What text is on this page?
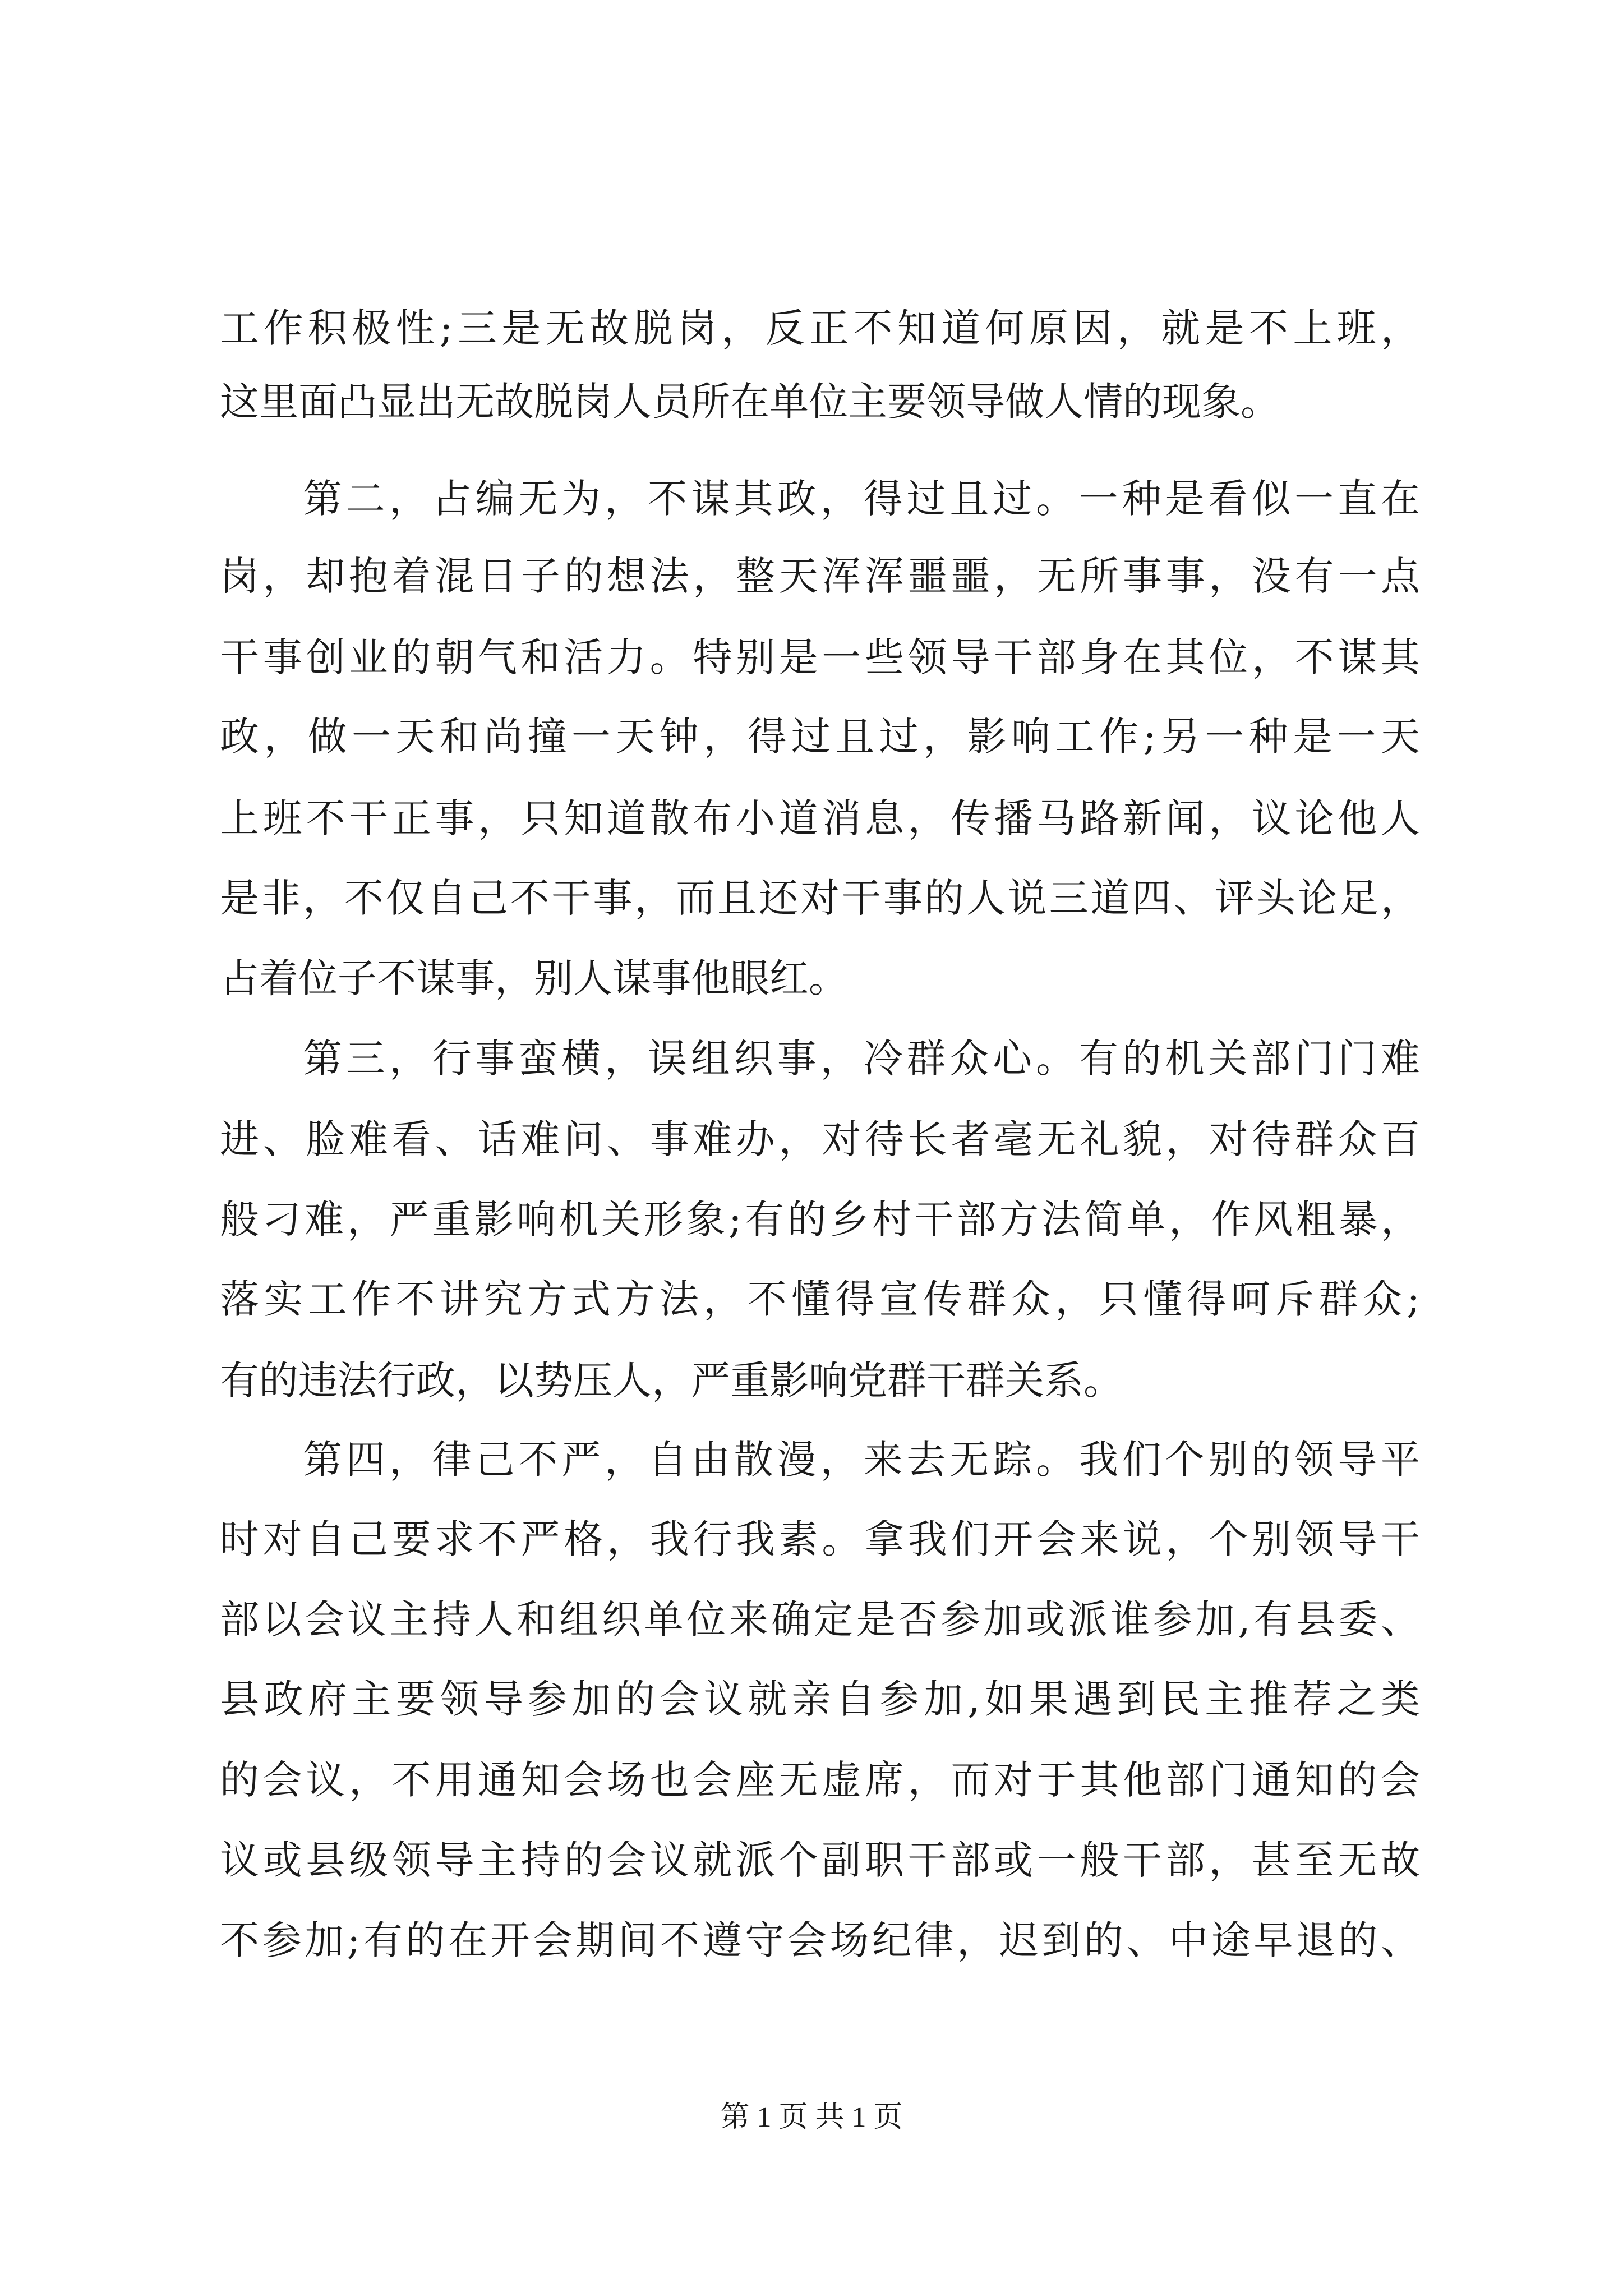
工作积极性;三是无故脱岗，反正不知道何原因，就是不上班，
这里面凸显出无故脱岗人员所在单位主要领导做人情的现象。
第二，占编无为，不谋其政，得过且过。一种是看似一直在
岗，却抱着混日子的想法，整天浑浑噩噩，无所事事，没有一点
干事创业的朝气和活力。特别是一些领导干部身在其位，不谋其
政，做一天和尚撞一天钟，得过且过，影响工作;另一种是一天
上班不干正事，只知道散布小道消息，传播马路新闻，议论他人
是非，不仅自己不干事，而且还对干事的人说三道四、评头论足，
占着位子不谋事，别人谋事他眼红。
第三，行事蛮横，误组织事，冷群众心。有的机关部门门难
进、脸难看、话难问、事难办，对待长者毫无礼貌，对待群众百
般刁难，严重影响机关形象;有的乡村干部方法简单，作风粗暴，
落实工作不讲究方式方法，不懂得宣传群众，只懂得呵斥群众;
有的违法行政，以势压人，严重影响党群干群关系。
第四，律己不严，自由散漫，来去无踪。我们个别的领导平
时对自己要求不严格，我行我素。拿我们开会来说，个别领导干
部以会议主持人和组织单位来确定是否参加或派谁参加,有县委、
县政府主要领导参加的会议就亲自参加,如果遇到民主推荐之类
的会议，不用通知会场也会座无虚席，而对于其他部门通知的会
议或县级领导主持的会议就派个副职干部或一般干部，甚至无故
不参加;有的在开会期间不遵守会场纪律，迟到的、中途早退的、
第 1 页 共 1 页
